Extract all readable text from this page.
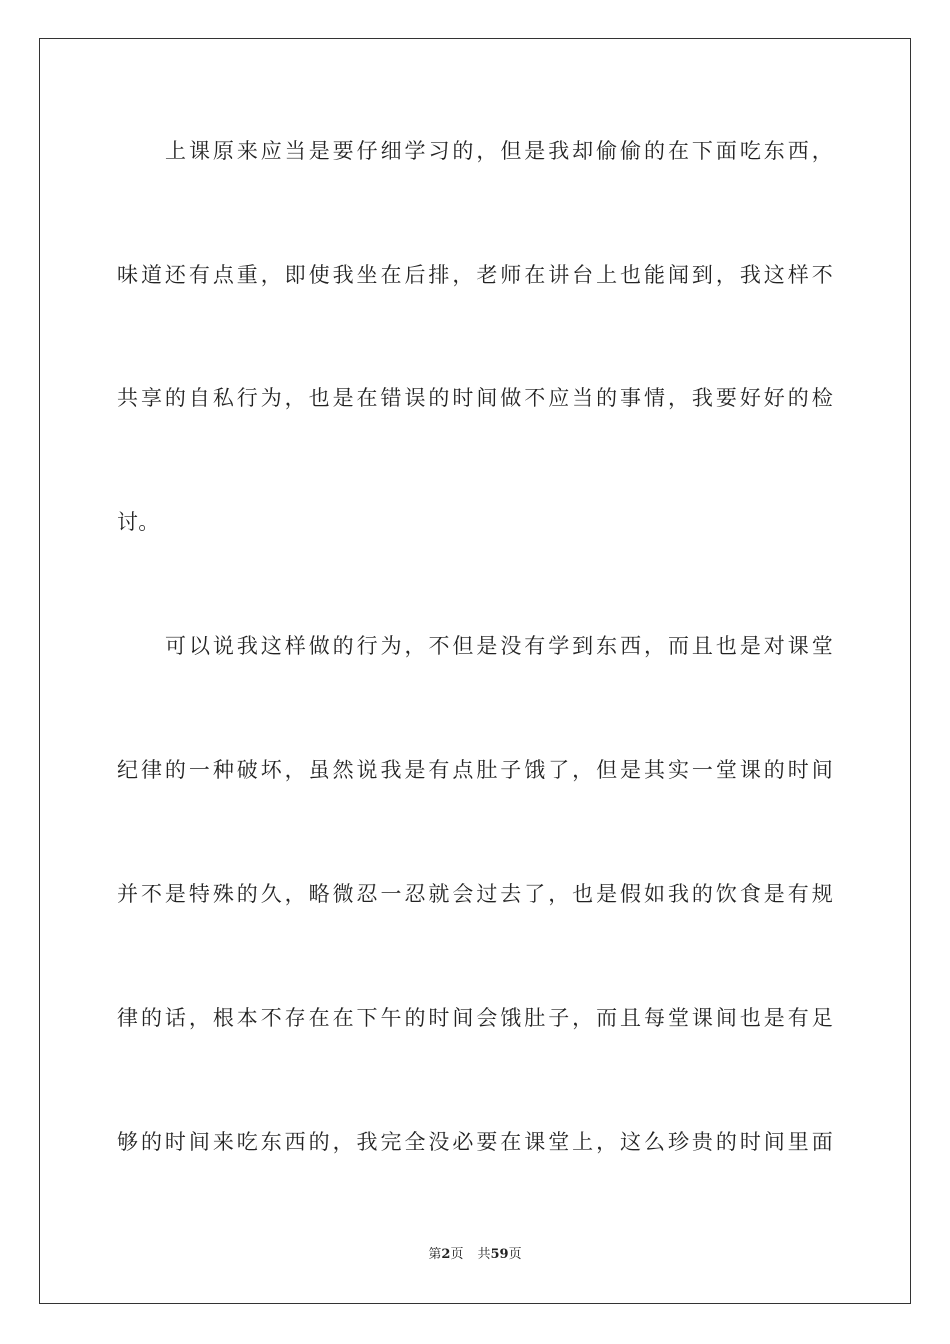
上课原来应当是要仔细学习的，但是我却偷偷的在下面吃东西，
味道还有点重，即使我坐在后排，老师在讲台上也能闻到，我这样不
共享的自私行为，也是在错误的时间做不应当的事情，我要好好的检
讨。
可以说我这样做的行为，不但是没有学到东西，而且也是对课堂
纪律的一种破坏，虽然说我是有点肚子饿了，但是其实一堂课的时间
并不是特殊的久，略微忍一忍就会过去了，也是假如我的饮食是有规
律的话，根本不存在在下午的时间会饿肚子，而且每堂课间也是有足
够的时间来吃东西的，我完全没必要在课堂上，这么珍贵的时间里面
第2页 共59页
